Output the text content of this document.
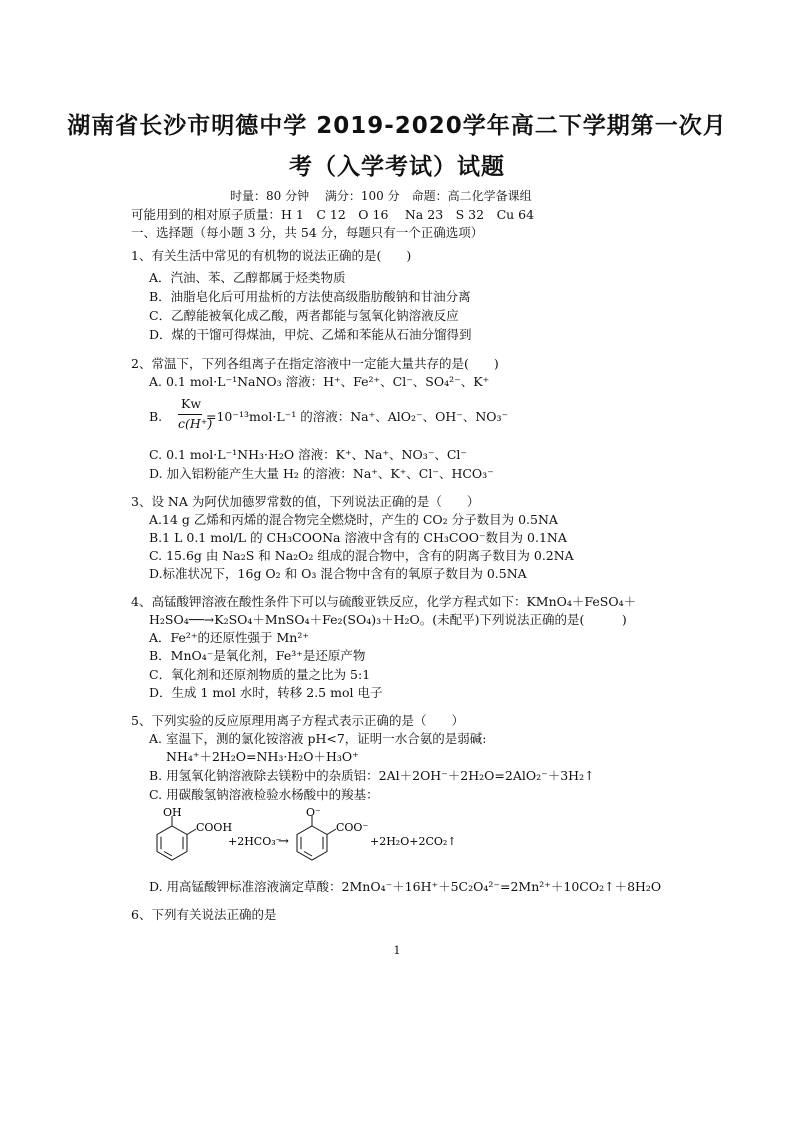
湖南省长沙市明德中学 2019-2020学年高二下学期第一次月
考（入学考试）试题
时量：80 分钟　 满分：100 分　命题：高二化学备课组
可能用到的相对原子质量：H 1　C 12　O 16　 Na 23　S 32　Cu 64
一、选择题（每小题 3 分，共 54 分，每题只有一个正确选项）
1、有关生活中常见的有机物的说法正确的是(　　)
A．汽油、苯、乙醇都属于烃类物质
B．油脂皂化后可用盐析的方法使高级脂肪酸钠和甘油分离
C．乙醇能被氧化成乙酸，两者都能与氢氧化钠溶液反应
D．煤的干馏可得煤油，甲烷、乙烯和苯能从石油分馏得到
2、常温下，下列各组离子在指定溶液中一定能大量共存的是(　　)
A. 0.1 mol·L⁻¹NaNO₃ 溶液：H⁺、Fe²⁺、Cl⁻、SO₄²⁻、K⁺
B.
Kw
c(H⁺)
=10⁻¹³mol·L⁻¹ 的溶液：Na⁺、AlO₂⁻、OH⁻、NO₃⁻
C. 0.1 mol·L⁻¹NH₃·H₂O 溶液：K⁺、Na⁺、NO₃⁻、Cl⁻
D. 加入铝粉能产生大量 H₂ 的溶液：Na⁺、K⁺、Cl⁻、HCO₃⁻
3、设 NA 为阿伏加德罗常数的值，下列说法正确的是（　　）
A.14 g 乙烯和丙烯的混合物完全燃烧时，产生的 CO₂ 分子数目为 0.5NA
B.1 L 0.1 mol/L 的 CH₃COONa 溶液中含有的 CH₃COO⁻数目为 0.1NA
C. 15.6g 由 Na₂S 和 Na₂O₂ 组成的混合物中，含有的阴离子数目为 0.2NA
D.标准状况下，16g O₂ 和 O₃ 混合物中含有的氧原子数目为 0.5NA
4、高锰酸钾溶液在酸性条件下可以与硫酸亚铁反应，化学方程式如下：KMnO₄＋FeSO₄＋
H₂SO₄──→K₂SO₄＋MnSO₄＋Fe₂(SO₄)₃＋H₂O。(未配平)下列说法正确的是(　　　)
A．Fe²⁺的还原性强于 Mn²⁺
B．MnO₄⁻是氧化剂，Fe³⁺是还原产物
C．氧化剂和还原剂物质的量之比为 5:1
D．生成 1 mol 水时，转移 2.5 mol 电子
5、下列实验的反应原理用离子方程式表示正确的是（　　）
A. 室温下，测的氯化铵溶液 pH<7，证明一水合氨的是弱碱:
NH₄⁺＋2H₂O=NH₃·H₂O＋H₃O⁺
B. 用氢氧化钠溶液除去镁粉中的杂质铝：2Al＋2OH⁻＋2H₂O=2AlO₂⁻＋3H₂↑
C. 用碳酸氢钠溶液检验水杨酸中的羧基：
OH
COOH
+2HCO₃⁻
→
O⁻
COO⁻
+2H₂O+2CO₂↑
D. 用高锰酸钾标准溶液滴定草酸：2MnO₄⁻＋16H⁺＋5C₂O₄²⁻=2Mn²⁺＋10CO₂↑＋8H₂O
6、下列有关说法正确的是
1
